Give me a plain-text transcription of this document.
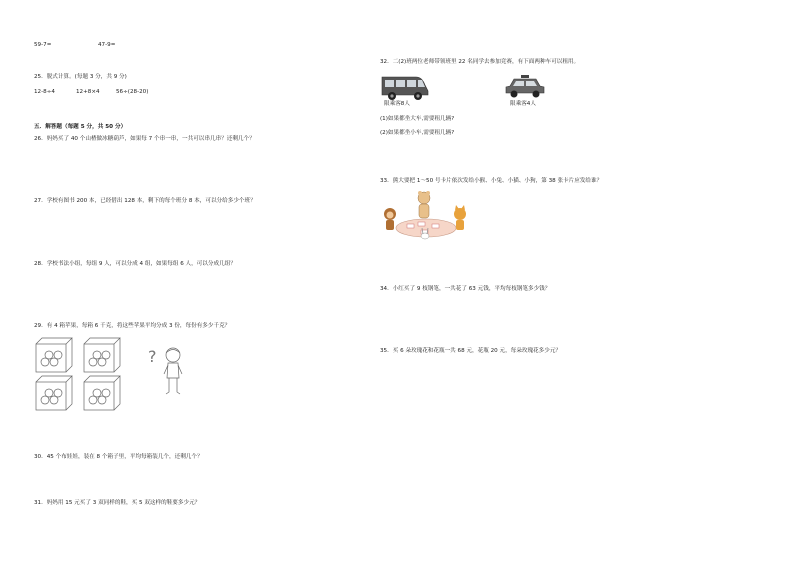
59-7=	47-9=
25．脱式计算。(每题 3 分，共 9 分)
12-8÷4	12+8×4	56÷(28-20)
五．解答题（每题 5 分，共 50 分）
26．妈妈买了 40 个山楂做冰糖葫芦，如果每 7 个串一串，一共可以串几串？还剩几个？
27．学校有图书 200 本，已经借出 128 本，剩下的每个班分 8 本，可以分给多少个班？
28．学校书法小组，每组 9 人，可以分成 4 组，如果每组 6 人，可以分成几组？
29．有 4 箱苹果，每箱 6 千克，将这些苹果平均分成 3 份，每份有多少千克？
?
30．45 个布娃娃，装在 8 个箱子里，平均每箱装几个，还剩几个？
31．妈妈用 15 元买了 3 双同样的鞋，买 5 双这样的鞋要多少元？
32．二(2)班两位老师带领班里 22 名同学去参加竞赛，有下面两种车可以租用。
限乘客8人	限乘客4人
(1)如果都坐大车,需要租几辆?
(2)如果都坐小车,需要租几辆?
33．熊大要把 1～50 号卡片依次发给小猴、小兔、小猫、小狗，第 38 张卡片应发给谁？
34．小红买了 9 枝钢笔，一共花了 63 元钱，平均每枝钢笔多少钱？
35．买 6 朵玫瑰花和花瓶一共 68 元，花瓶 20 元，每朵玫瑰花多少元？
